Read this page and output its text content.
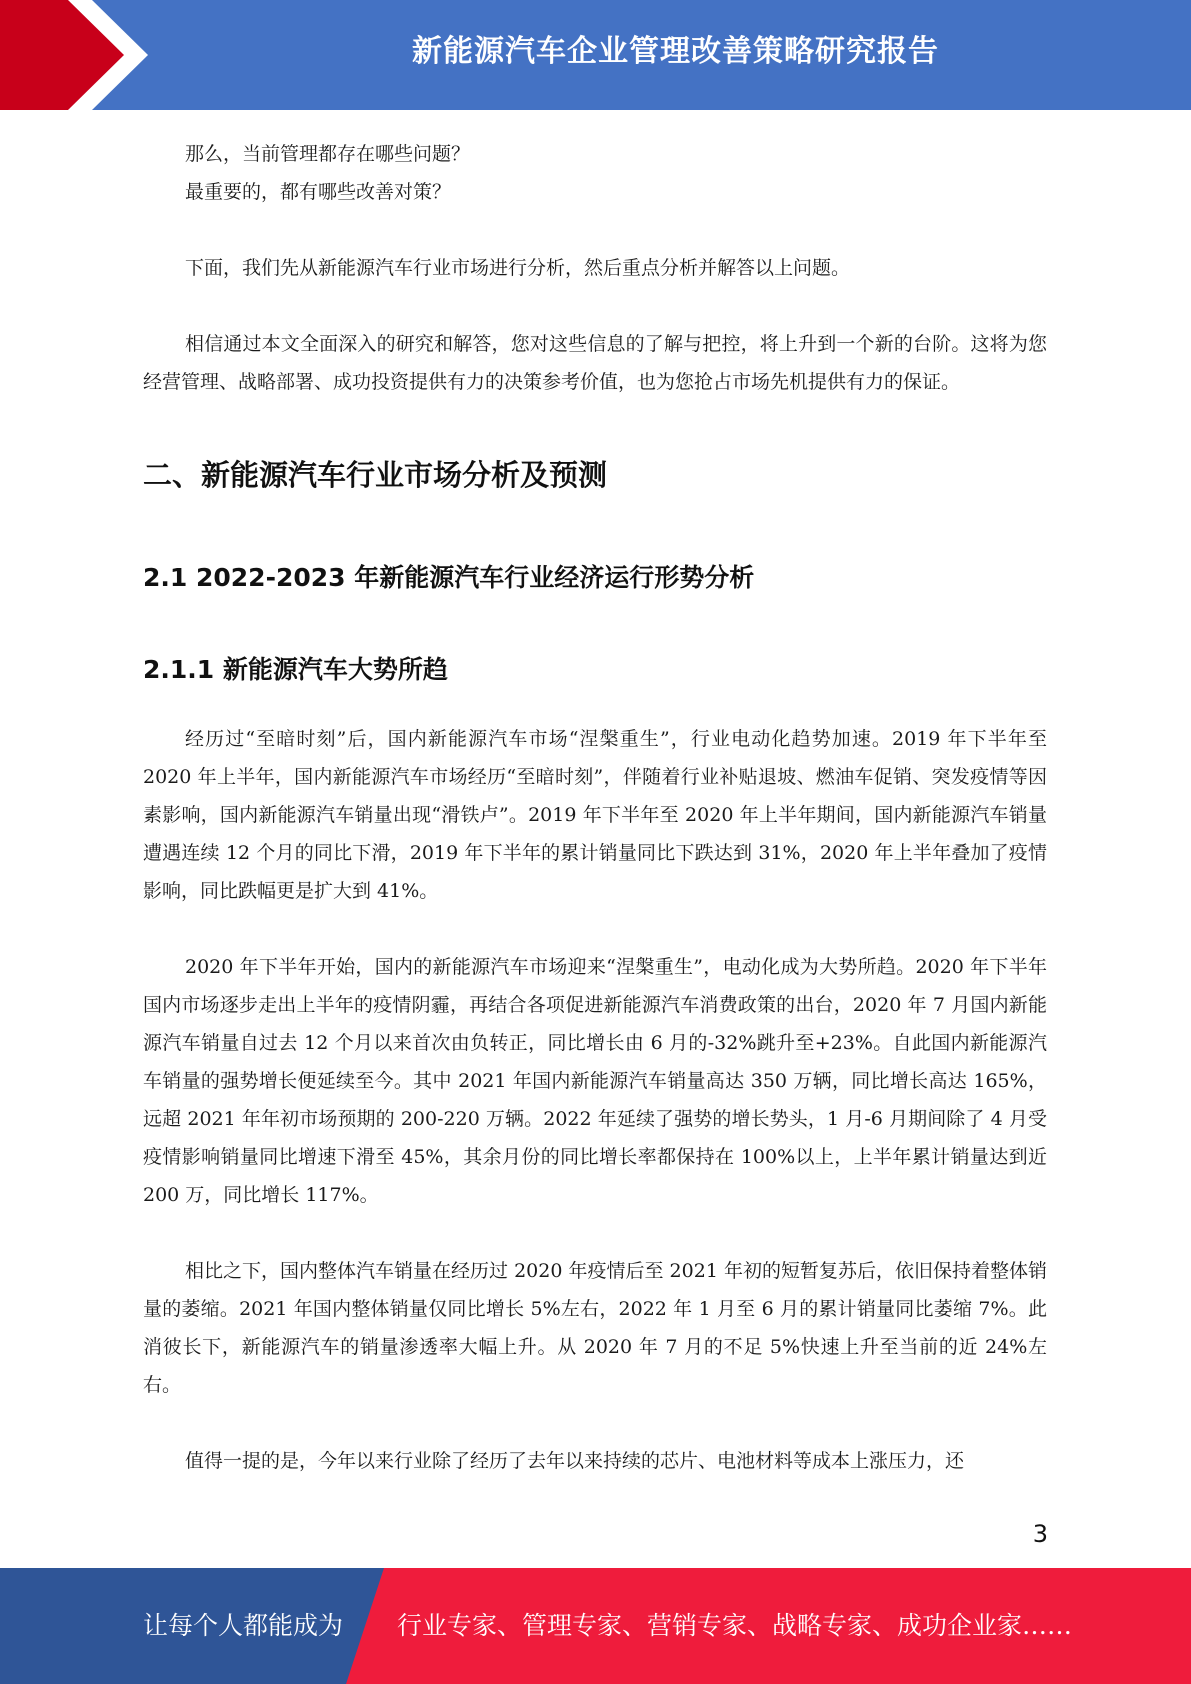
新能源汽车企业管理改善策略研究报告

那么，当前管理都存在哪些问题？

最重要的，都有哪些改善对策？

下面，我们先从新能源汽车行业市场进行分析，然后重点分析并解答以上问题。

相信通过本文全面深入的研究和解答，您对这些信息的了解与把控，将上升到一个新的台阶。这将为您经营管理、战略部署、成功投资提供有力的决策参考价值，也为您抢占市场先机提供有力的保证。

二、新能源汽车行业市场分析及预测
2.1 2022-2023 年新能源汽车行业经济运行形势分析
2.1.1 新能源汽车大势所趋

经历过“至暗时刻”后，国内新能源汽车市场“涅槃重生”，行业电动化趋势加速。2019 年下半年至 2020 年上半年，国内新能源汽车市场经历“至暗时刻”，伴随着行业补贴退坡、燃油车促销、突发疫情等因素影响，国内新能源汽车销量出现“滑铁卢”。2019 年下半年至 2020 年上半年期间，国内新能源汽车销量遭遇连续 12 个月的同比下滑，2019 年下半年的累计销量同比下跌达到 31%，2020 年上半年叠加了疫情影响，同比跌幅更是扩大到 41%。

2020 年下半年开始，国内的新能源汽车市场迎来“涅槃重生”，电动化成为大势所趋。2020 年下半年国内市场逐步走出上半年的疫情阴霾，再结合各项促进新能源汽车消费政策的出台，2020 年 7 月国内新能源汽车销量自过去 12 个月以来首次由负转正，同比增长由 6 月的-32%跳升至+23%。自此国内新能源汽车销量的强势增长便延续至今。其中 2021 年国内新能源汽车销量高达 350 万辆，同比增长高达 165%，远超 2021 年年初市场预期的 200-220 万辆。2022 年延续了强势的增长势头，1 月-6 月期间除了 4 月受疫情影响销量同比增速下滑至 45%，其余月份的同比增长率都保持在 100%以上，上半年累计销量达到近 200 万，同比增长 117%。

相比之下，国内整体汽车销量在经历过 2020 年疫情后至 2021 年初的短暂复苏后，依旧保持着整体销量的萎缩。2021 年国内整体销量仅同比增长 5%左右，2022 年 1 月至 6 月的累计销量同比萎缩 7%。此消彼长下，新能源汽车的销量渗透率大幅上升。从 2020 年 7 月的不足 5%快速上升至当前的近 24%左右。

值得一提的是，今年以来行业除了经历了去年以来持续的芯片、电池材料等成本上涨压力，还

3
让每个人都能成为 行业专家、管理专家、营销专家、战略专家、成功企业家……
